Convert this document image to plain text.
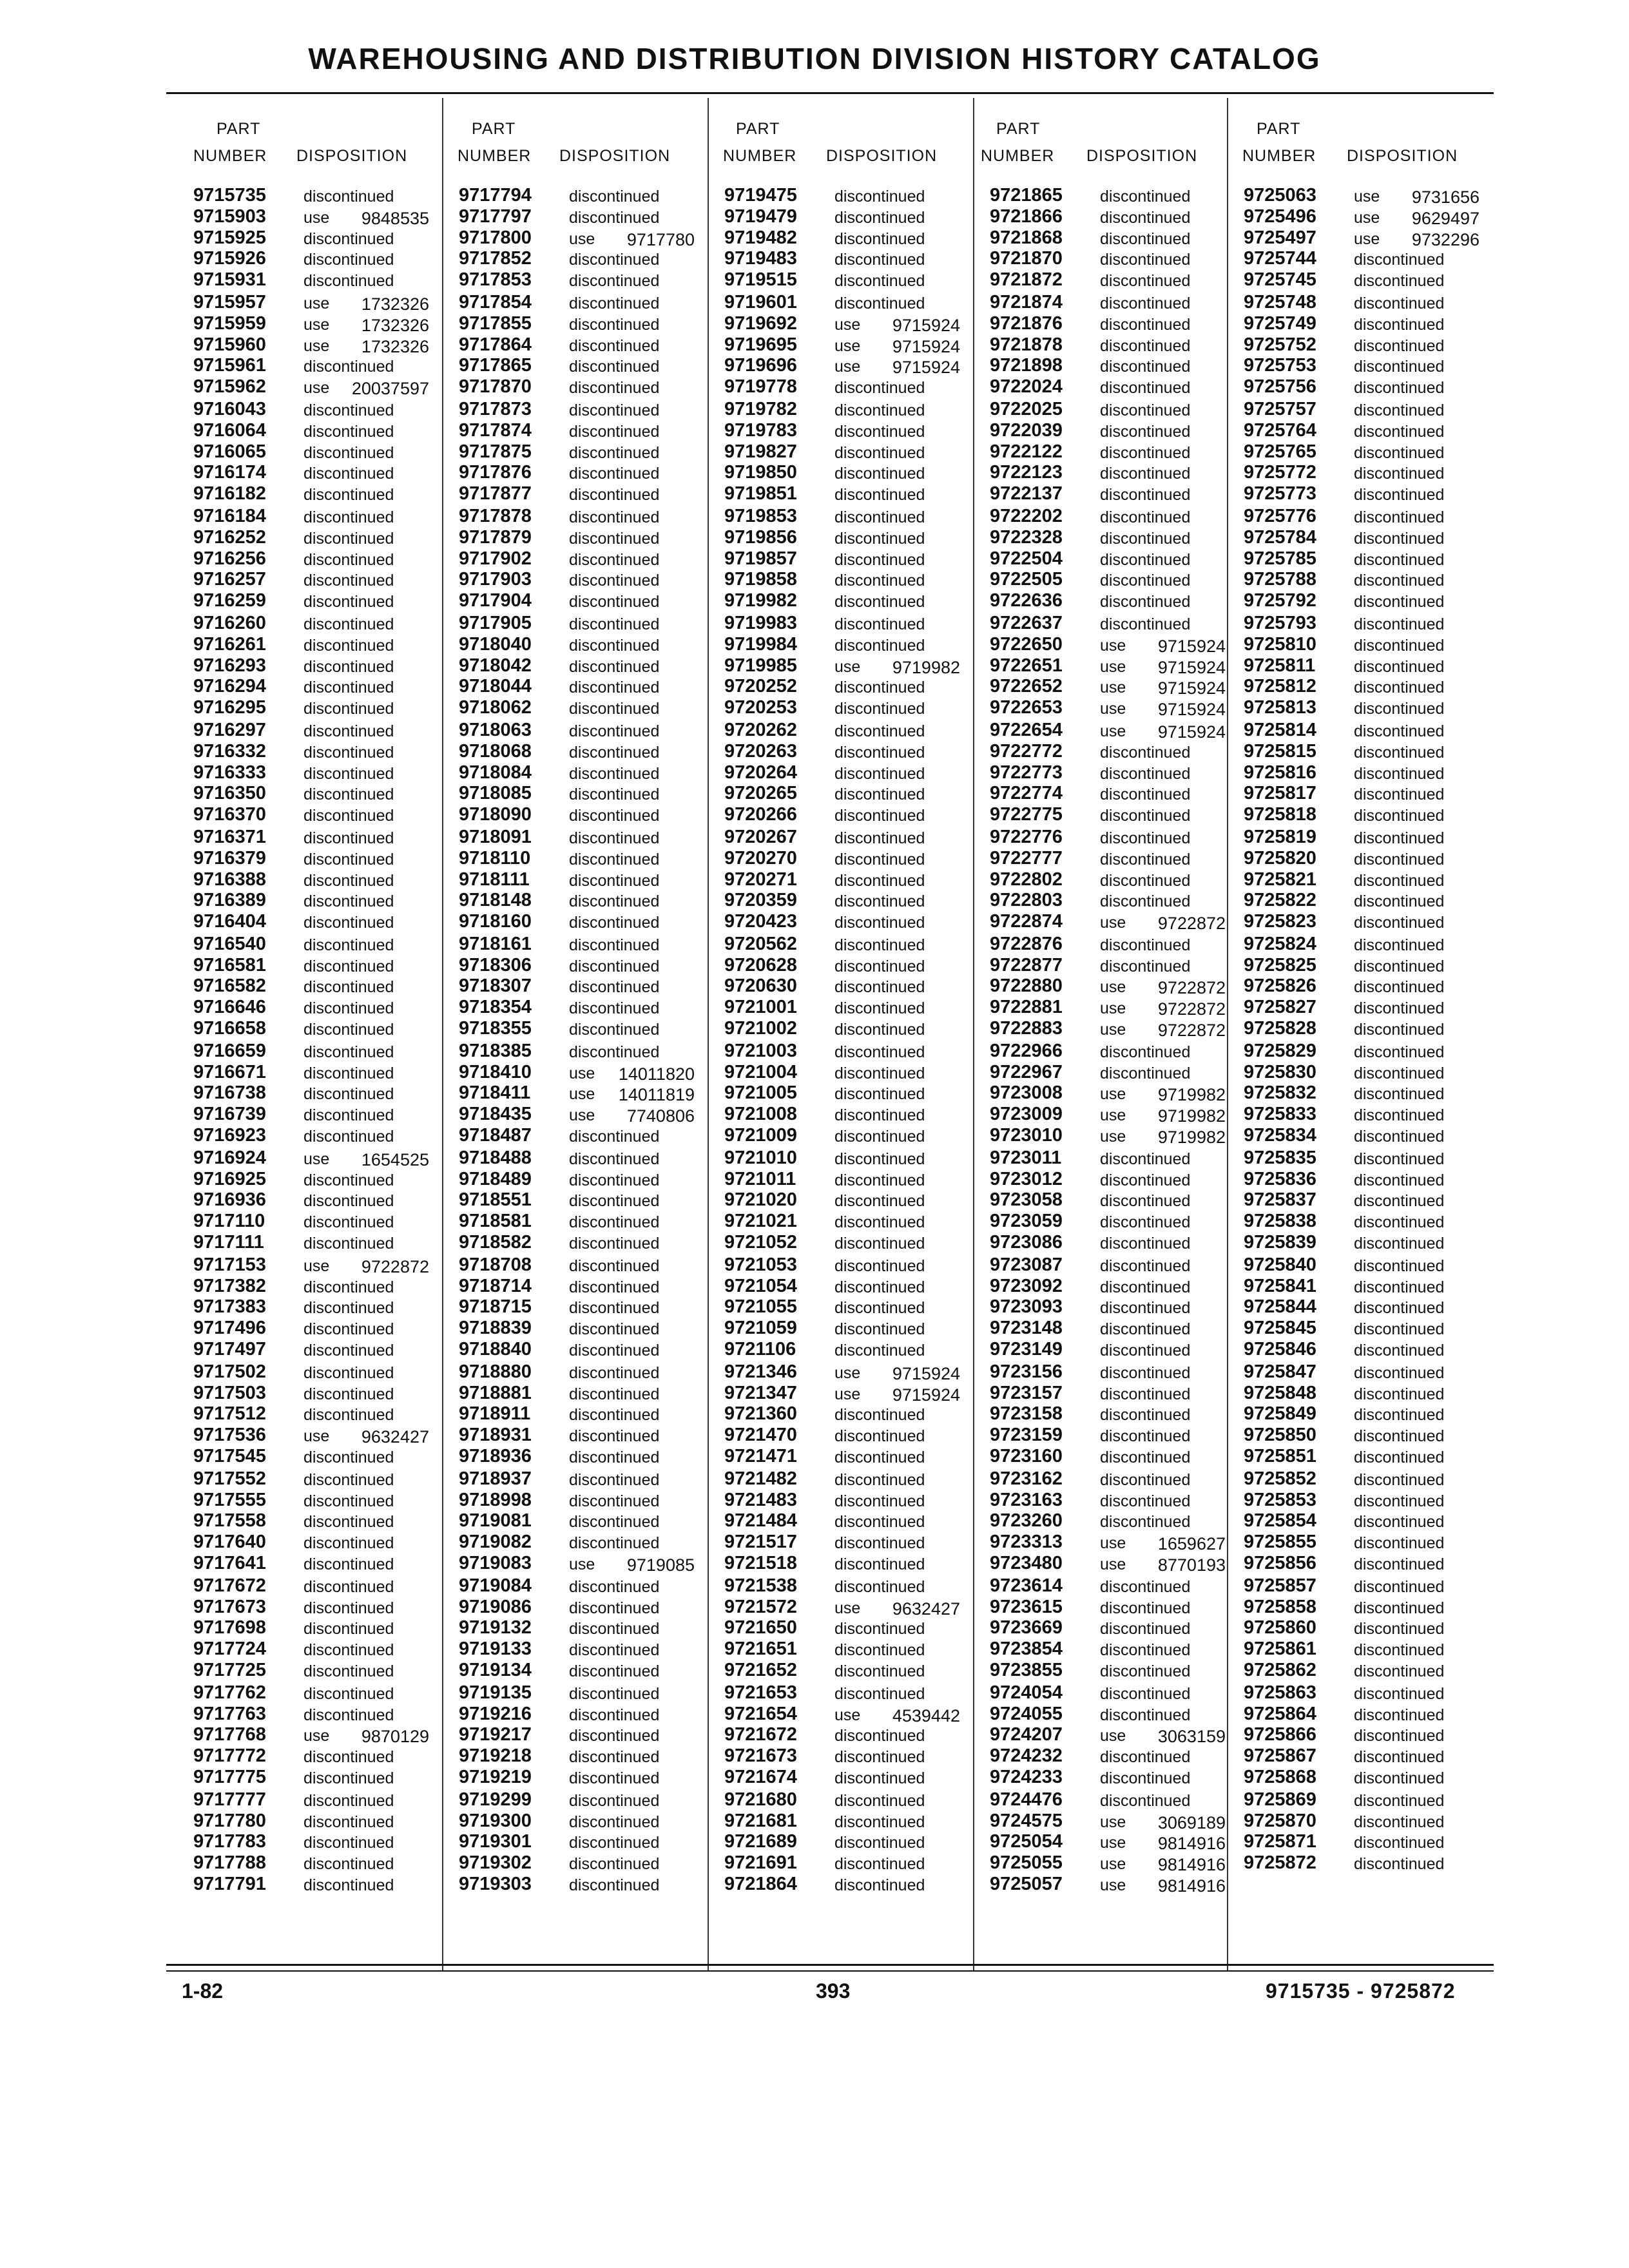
WAREHOUSING AND DISTRIBUTION DIVISION HISTORY CATALOG
PART
NUMBER DISPOSITION
9715735 discontinued
9715903 use 9848535
9715925 discontinued
9715926 discontinued
9715931 discontinued
9715957 use 1732326
9715959 use 1732326
9715960 use 1732326
9715961 discontinued
9715962 use 20037597
9716043 discontinued
9716064 discontinued
9716065 discontinued
9716174 discontinued
9716182 discontinued
9716184 discontinued
9716252 discontinued
9716256 discontinued
9716257 discontinued
9716259 discontinued
9716260 discontinued
9716261 discontinued
9716293 discontinued
9716294 discontinued
9716295 discontinued
9716297 discontinued
9716332 discontinued
9716333 discontinued
9716350 discontinued
9716370 discontinued
9716371 discontinued
9716379 discontinued
9716388 discontinued
9716389 discontinued
9716404 discontinued
9716540 discontinued
9716581 discontinued
9716582 discontinued
9716646 discontinued
9716658 discontinued
9716659 discontinued
9716671 discontinued
9716738 discontinued
9716739 discontinued
9716923 discontinued
9716924 use 1654525
9716925 discontinued
9716936 discontinued
9717110 discontinued
9717111 discontinued
9717153 use 9722872
9717382 discontinued
9717383 discontinued
9717496 discontinued
9717497 discontinued
9717502 discontinued
9717503 discontinued
9717512 discontinued
9717536 use 9632427
9717545 discontinued
9717552 discontinued
9717555 discontinued
9717558 discontinued
9717640 discontinued
9717641 discontinued
9717672 discontinued
9717673 discontinued
9717698 discontinued
9717724 discontinued
9717725 discontinued
9717762 discontinued
9717763 discontinued
9717768 use 9870129
9717772 discontinued
9717775 discontinued
9717777 discontinued
9717780 discontinued
9717783 discontinued
9717788 discontinued
9717791 discontinued
PART
NUMBER DISPOSITION
9717794 discontinued
9717797 discontinued
9717800 use 9717780
9717852 discontinued
9717853 discontinued
9717854 discontinued
9717855 discontinued
9717864 discontinued
9717865 discontinued
9717870 discontinued
9717873 discontinued
9717874 discontinued
9717875 discontinued
9717876 discontinued
9717877 discontinued
9717878 discontinued
9717879 discontinued
9717902 discontinued
9717903 discontinued
9717904 discontinued
9717905 discontinued
9718040 discontinued
9718042 discontinued
9718044 discontinued
9718062 discontinued
9718063 discontinued
9718068 discontinued
9718084 discontinued
9718085 discontinued
9718090 discontinued
9718091 discontinued
9718110 discontinued
9718111 discontinued
9718148 discontinued
9718160 discontinued
9718161 discontinued
9718306 discontinued
9718307 discontinued
9718354 discontinued
9718355 discontinued
9718385 discontinued
9718410 use 14011820
9718411 use 14011819
9718435 use 7740806
9718487 discontinued
9718488 discontinued
9718489 discontinued
9718551 discontinued
9718581 discontinued
9718582 discontinued
9718708 discontinued
9718714 discontinued
9718715 discontinued
9718839 discontinued
9718840 discontinued
9718880 discontinued
9718881 discontinued
9718911 discontinued
9718931 discontinued
9718936 discontinued
9718937 discontinued
9718998 discontinued
9719081 discontinued
9719082 discontinued
9719083 use 9719085
9719084 discontinued
9719086 discontinued
9719132 discontinued
9719133 discontinued
9719134 discontinued
9719135 discontinued
9719216 discontinued
9719217 discontinued
9719218 discontinued
9719219 discontinued
9719299 discontinued
9719300 discontinued
9719301 discontinued
9719302 discontinued
9719303 discontinued
PART
NUMBER DISPOSITION
9719475 discontinued
9719479 discontinued
9719482 discontinued
9719483 discontinued
9719515 discontinued
9719601 discontinued
9719692 use 9715924
9719695 use 9715924
9719696 use 9715924
9719778 discontinued
9719782 discontinued
9719783 discontinued
9719827 discontinued
9719850 discontinued
9719851 discontinued
9719853 discontinued
9719856 discontinued
9719857 discontinued
9719858 discontinued
9719982 discontinued
9719983 discontinued
9719984 discontinued
9719985 use 9719982
9720252 discontinued
9720253 discontinued
9720262 discontinued
9720263 discontinued
9720264 discontinued
9720265 discontinued
9720266 discontinued
9720267 discontinued
9720270 discontinued
9720271 discontinued
9720359 discontinued
9720423 discontinued
9720562 discontinued
9720628 discontinued
9720630 discontinued
9721001 discontinued
9721002 discontinued
9721003 discontinued
9721004 discontinued
9721005 discontinued
9721008 discontinued
9721009 discontinued
9721010 discontinued
9721011 discontinued
9721020 discontinued
9721021 discontinued
9721052 discontinued
9721053 discontinued
9721054 discontinued
9721055 discontinued
9721059 discontinued
9721106 discontinued
9721346 use 9715924
9721347 use 9715924
9721360 discontinued
9721470 discontinued
9721471 discontinued
9721482 discontinued
9721483 discontinued
9721484 discontinued
9721517 discontinued
9721518 discontinued
9721538 discontinued
9721572 use 9632427
9721650 discontinued
9721651 discontinued
9721652 discontinued
9721653 discontinued
9721654 use 4539442
9721672 discontinued
9721673 discontinued
9721674 discontinued
9721680 discontinued
9721681 discontinued
9721689 discontinued
9721691 discontinued
9721864 discontinued
PART
NUMBER DISPOSITION
9721865 discontinued
9721866 discontinued
9721868 discontinued
9721870 discontinued
9721872 discontinued
9721874 discontinued
9721876 discontinued
9721878 discontinued
9721898 discontinued
9722024 discontinued
9722025 discontinued
9722039 discontinued
9722122 discontinued
9722123 discontinued
9722137 discontinued
9722202 discontinued
9722328 discontinued
9722504 discontinued
9722505 discontinued
9722636 discontinued
9722637 discontinued
9722650 use 9715924
9722651 use 9715924
9722652 use 9715924
9722653 use 9715924
9722654 use 9715924
9722772 discontinued
9722773 discontinued
9722774 discontinued
9722775 discontinued
9722776 discontinued
9722777 discontinued
9722802 discontinued
9722803 discontinued
9722874 use 9722872
9722876 discontinued
9722877 discontinued
9722880 use 9722872
9722881 use 9722872
9722883 use 9722872
9722966 discontinued
9722967 discontinued
9723008 use 9719982
9723009 use 9719982
9723010 use 9719982
9723011 discontinued
9723012 discontinued
9723058 discontinued
9723059 discontinued
9723086 discontinued
9723087 discontinued
9723092 discontinued
9723093 discontinued
9723148 discontinued
9723149 discontinued
9723156 discontinued
9723157 discontinued
9723158 discontinued
9723159 discontinued
9723160 discontinued
9723162 discontinued
9723163 discontinued
9723260 discontinued
9723313 use 1659627
9723480 use 8770193
9723614 discontinued
9723615 discontinued
9723669 discontinued
9723854 discontinued
9723855 discontinued
9724054 discontinued
9724055 discontinued
9724207 use 3063159
9724232 discontinued
9724233 discontinued
9724476 discontinued
9724575 use 3069189
9725054 use 9814916
9725055 use 9814916
9725057 use 9814916
PART
NUMBER DISPOSITION
9725063 use 9731656
9725496 use 9629497
9725497 use 9732296
9725744 discontinued
9725745 discontinued
9725748 discontinued
9725749 discontinued
9725752 discontinued
9725753 discontinued
9725756 discontinued
9725757 discontinued
9725764 discontinued
9725765 discontinued
9725772 discontinued
9725773 discontinued
9725776 discontinued
9725784 discontinued
9725785 discontinued
9725788 discontinued
9725792 discontinued
9725793 discontinued
9725810 discontinued
9725811 discontinued
9725812 discontinued
9725813 discontinued
9725814 discontinued
9725815 discontinued
9725816 discontinued
9725817 discontinued
9725818 discontinued
9725819 discontinued
9725820 discontinued
9725821 discontinued
9725822 discontinued
9725823 discontinued
9725824 discontinued
9725825 discontinued
9725826 discontinued
9725827 discontinued
9725828 discontinued
9725829 discontinued
9725830 discontinued
9725832 discontinued
9725833 discontinued
9725834 discontinued
9725835 discontinued
9725836 discontinued
9725837 discontinued
9725838 discontinued
9725839 discontinued
9725840 discontinued
9725841 discontinued
9725844 discontinued
9725845 discontinued
9725846 discontinued
9725847 discontinued
9725848 discontinued
9725849 discontinued
9725850 discontinued
9725851 discontinued
9725852 discontinued
9725853 discontinued
9725854 discontinued
9725855 discontinued
9725856 discontinued
9725857 discontinued
9725858 discontinued
9725860 discontinued
9725861 discontinued
9725862 discontinued
9725863 discontinued
9725864 discontinued
9725866 discontinued
9725867 discontinued
9725868 discontinued
9725869 discontinued
9725870 discontinued
9725871 discontinued
9725872 discontinued
1-82	393	9715735 - 9725872
